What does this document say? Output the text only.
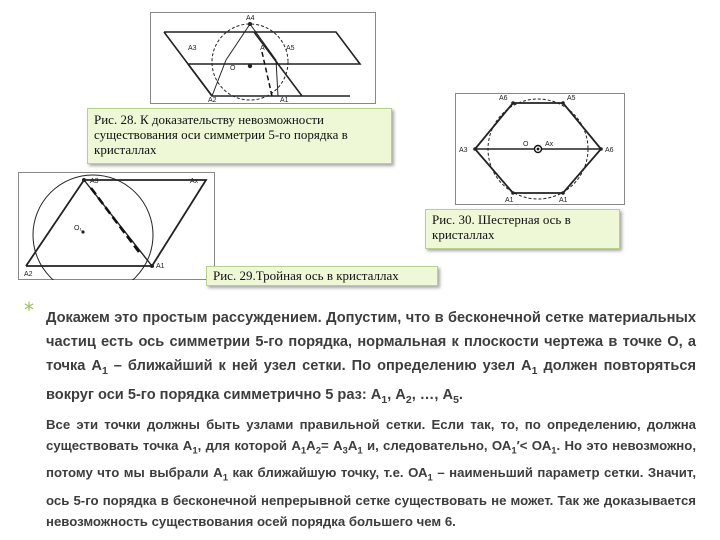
A4
A3	A5
A
O
A2	A1
Рис. 28. К доказательству невозможности существования оси симметрии 5-го порядка в кристаллах
A6	A5
A3
O Ax
A6
A1	A1
Рис. 30. Шестерная ось в кристаллах
A3	Ax
O₁
A2
A1
Рис. 29.Тройная ось в кристаллах
* Докажем это простым рассуждением. Допустим, что в бесконечной сетке материальных частиц есть ось симметрии 5-го порядка, нормальная к плоскости чертежа в точке О, а точка $А_1$ – ближайший к ней узел сетки. По определению узел $А_1$ должен повторяться вокруг оси 5-го порядка симметрично 5 раз: $А_1$, $А_2$, …, $А_5$.

Все эти точки должны быть узлами правильной сетки. Если так, то, по определению, должна существовать точка $А_1$, для которой $А_1А_2= А_3А_1$ и, следовательно, $ОА_1'< ОА_1$. Но это невозможно, потому что мы выбрали $А_1$ как ближайшую точку, т.е. $ОА_1$ – наименьший параметр сетки. Значит, ось 5-го порядка в бесконечной непрерывной сетке существовать не может. Так же доказывается невозможность существования осей порядка большего чем 6.
